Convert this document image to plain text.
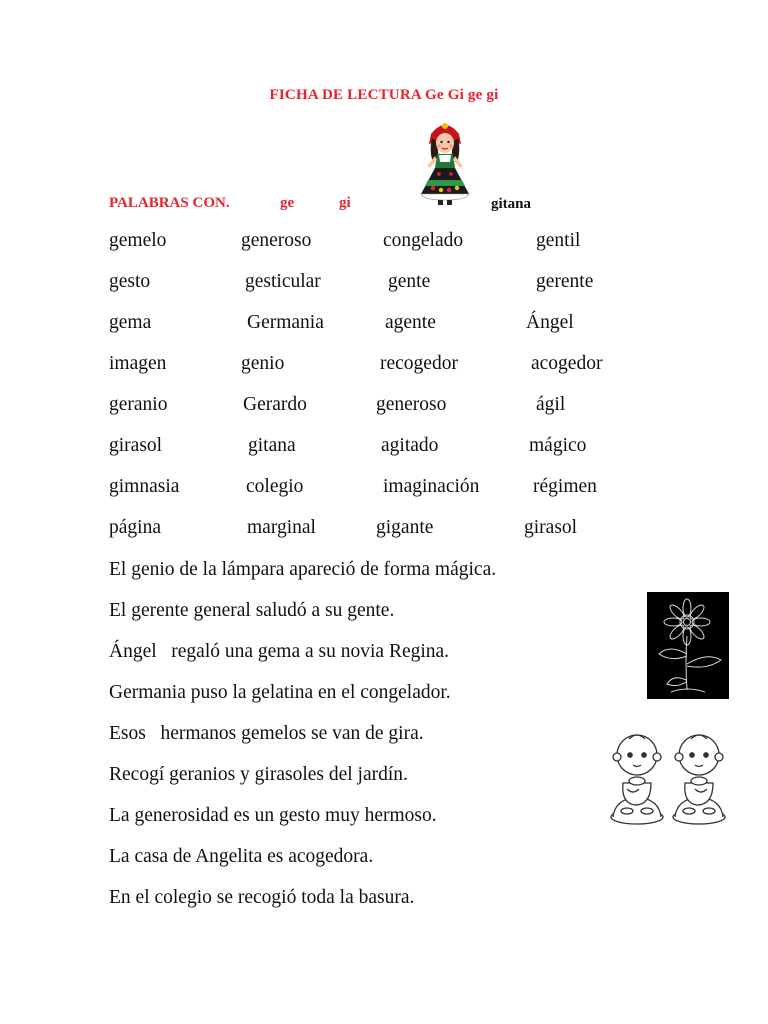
FICHA DE LECTURA Ge Gi ge gi
PALABRAS CON.	ge	gi	gitana
gemelo	generoso	congelado	gentil
gesto	gesticular	gente	gerente
gema	Germania	agente	Ángel
imagen	genio	recogedor	acogedor
geranio	Gerardo	generoso	ágil
girasol	gitana	agitado	mágico
gimnasia	colegio	imaginación	régimen
página	marginal	gigante	girasol
El genio de la lámpara apareció de forma mágica.
El gerente general saludó a su gente.
Ángel   regaló una gema a su novia Regina.
Germania puso la gelatina en el congelador.
Esos   hermanos gemelos se van de gira.
Recogí geranios y girasoles del jardín.
La generosidad es un gesto muy hermoso.
La casa de Angelita es acogedora.
En el colegio se recogió toda la basura.
